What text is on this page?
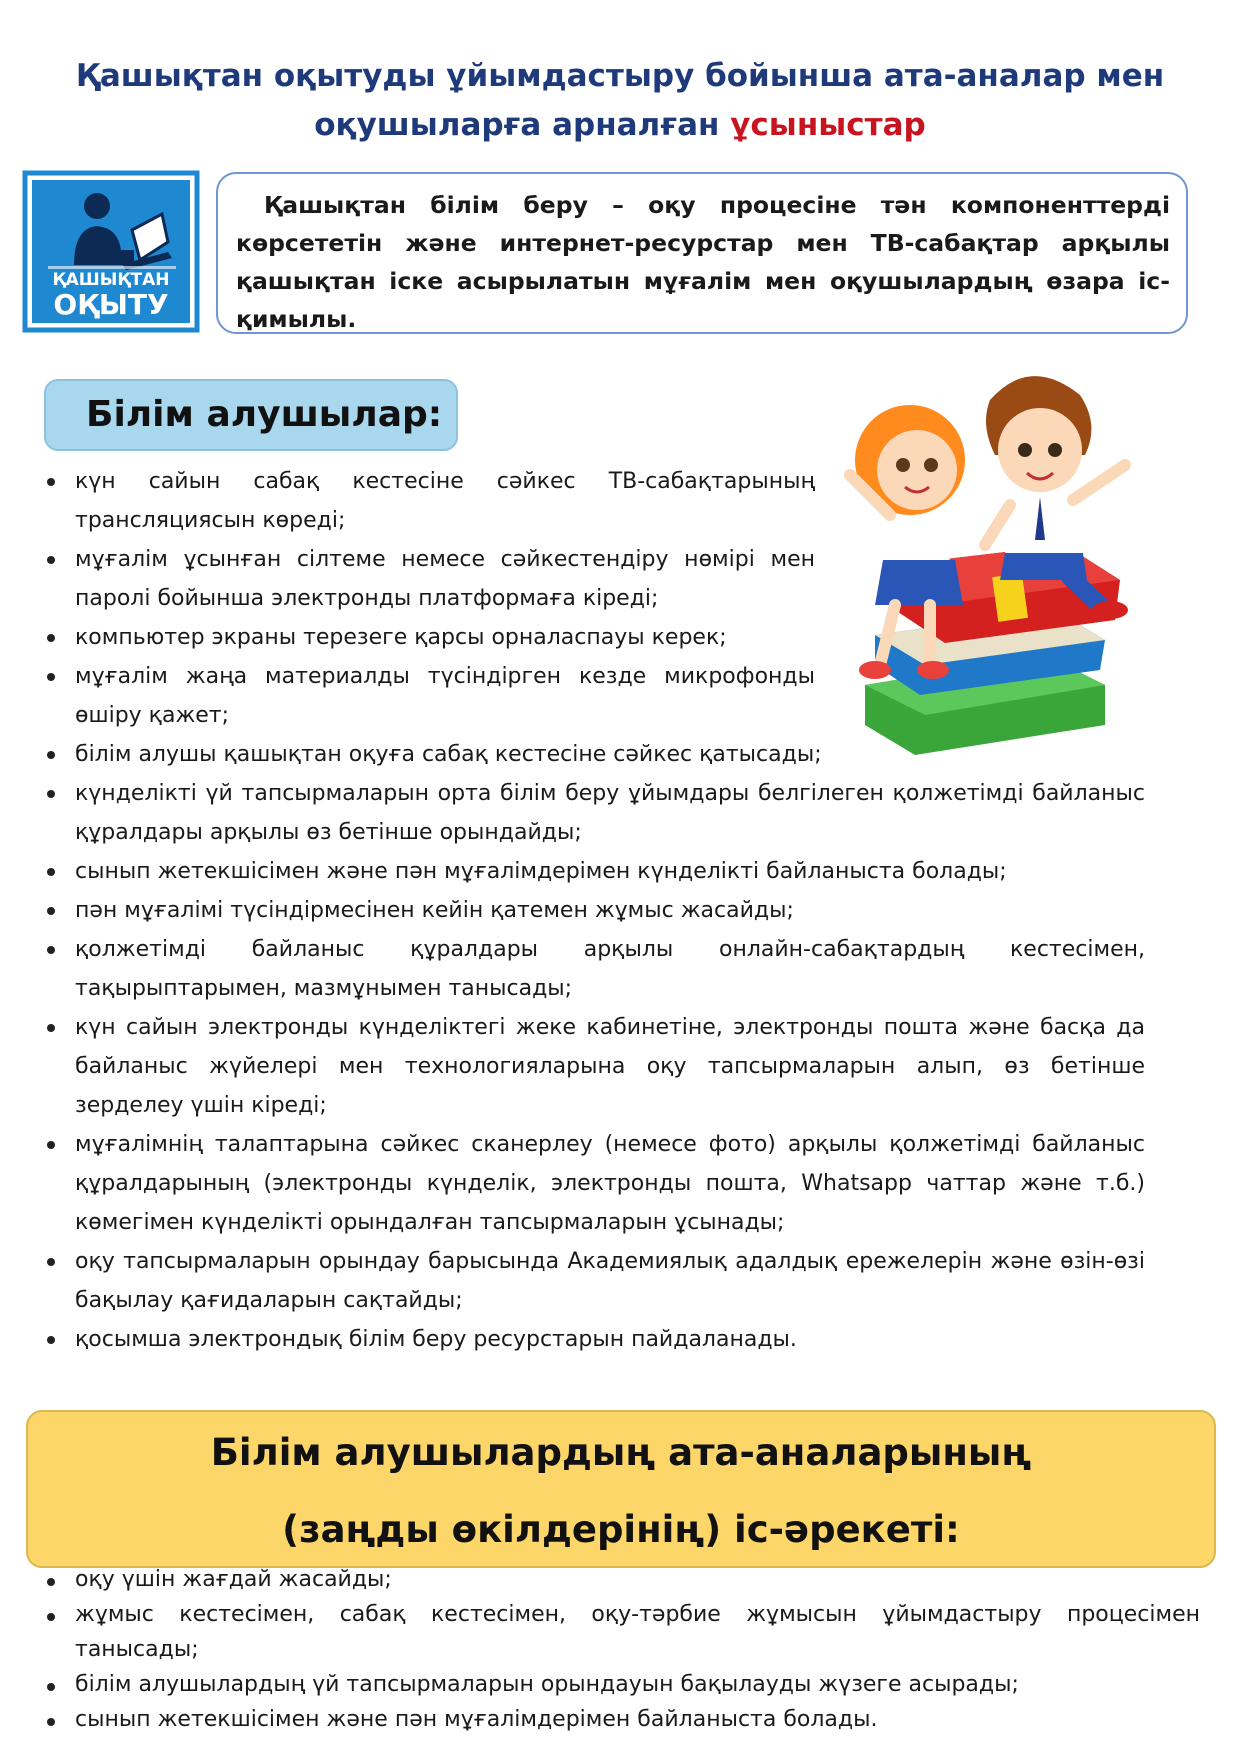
Қашықтан оқытуды ұйымдастыру бойынша ата-аналар мен
оқушыларға арналған ұсыныстар
ҚАШЫҚТАН
ОҚЫТУ
Қашықтан білім беру – оқу процесіне тән компоненттерді көрсететін және интернет-ресурстар мен ТВ-сабақтар арқылы қашықтан іске асырылатын мұғалім мен оқушылардың өзара іс-қимылы.
Білім алушылар:
күн сайын сабақ кестесіне сәйкес ТВ-сабақтарының трансляциясын көреді;
мұғалім ұсынған сілтеме немесе сәйкестендіру нөмірі мен паролі бойынша электронды платформаға кіреді;
компьютер экраны терезеге қарсы орналаспауы керек;
мұғалім жаңа материалды түсіндірген кезде микрофонды өшіру қажет;
білім алушы қашықтан оқуға сабақ кестесіне сәйкес қатысады;
күнделікті үй тапсырмаларын орта білім беру ұйымдары белгілеген қолжетімді байланыс құралдары арқылы өз бетінше орындайды;
сынып жетекшісімен және пән мұғалімдерімен күнделікті байланыста болады;
пән мұғалімі түсіндірмесінен кейін қатемен жұмыс жасайды;
қолжетімді байланыс құралдары арқылы онлайн-сабақтардың кестесімен, тақырыптарымен, мазмұнымен танысады;
күн сайын электронды күнделіктегі жеке кабинетіне, электронды пошта және басқа да байланыс жүйелері мен технологияларына оқу тапсырмаларын алып, өз бетінше зерделеу үшін кіреді;
мұғалімнің талаптарына сәйкес сканерлеу (немесе фото) арқылы қолжетімді байланыс құралдарының (электронды күнделік, электронды пошта, Whatsapp чаттар және т.б.) көмегімен күнделікті орындалған тапсырмаларын ұсынады;
оқу тапсырмаларын орындау барысында Академиялық адалдық ережелерін және өзін-өзі бақылау қағидаларын сақтайды;
қосымша электрондық білім беру ресурстарын пайдаланады.
Білім алушылардың ата-аналарының
(заңды өкілдерінің) іс-әрекеті:
оқу үшін жағдай жасайды;
жұмыс кестесімен, сабақ кестесімен, оқу-тәрбие жұмысын ұйымдастыру процесімен танысады;
білім алушылардың үй тапсырмаларын орындауын бақылауды жүзеге асырады;
сынып жетекшісімен және пән мұғалімдерімен байланыста болады.
